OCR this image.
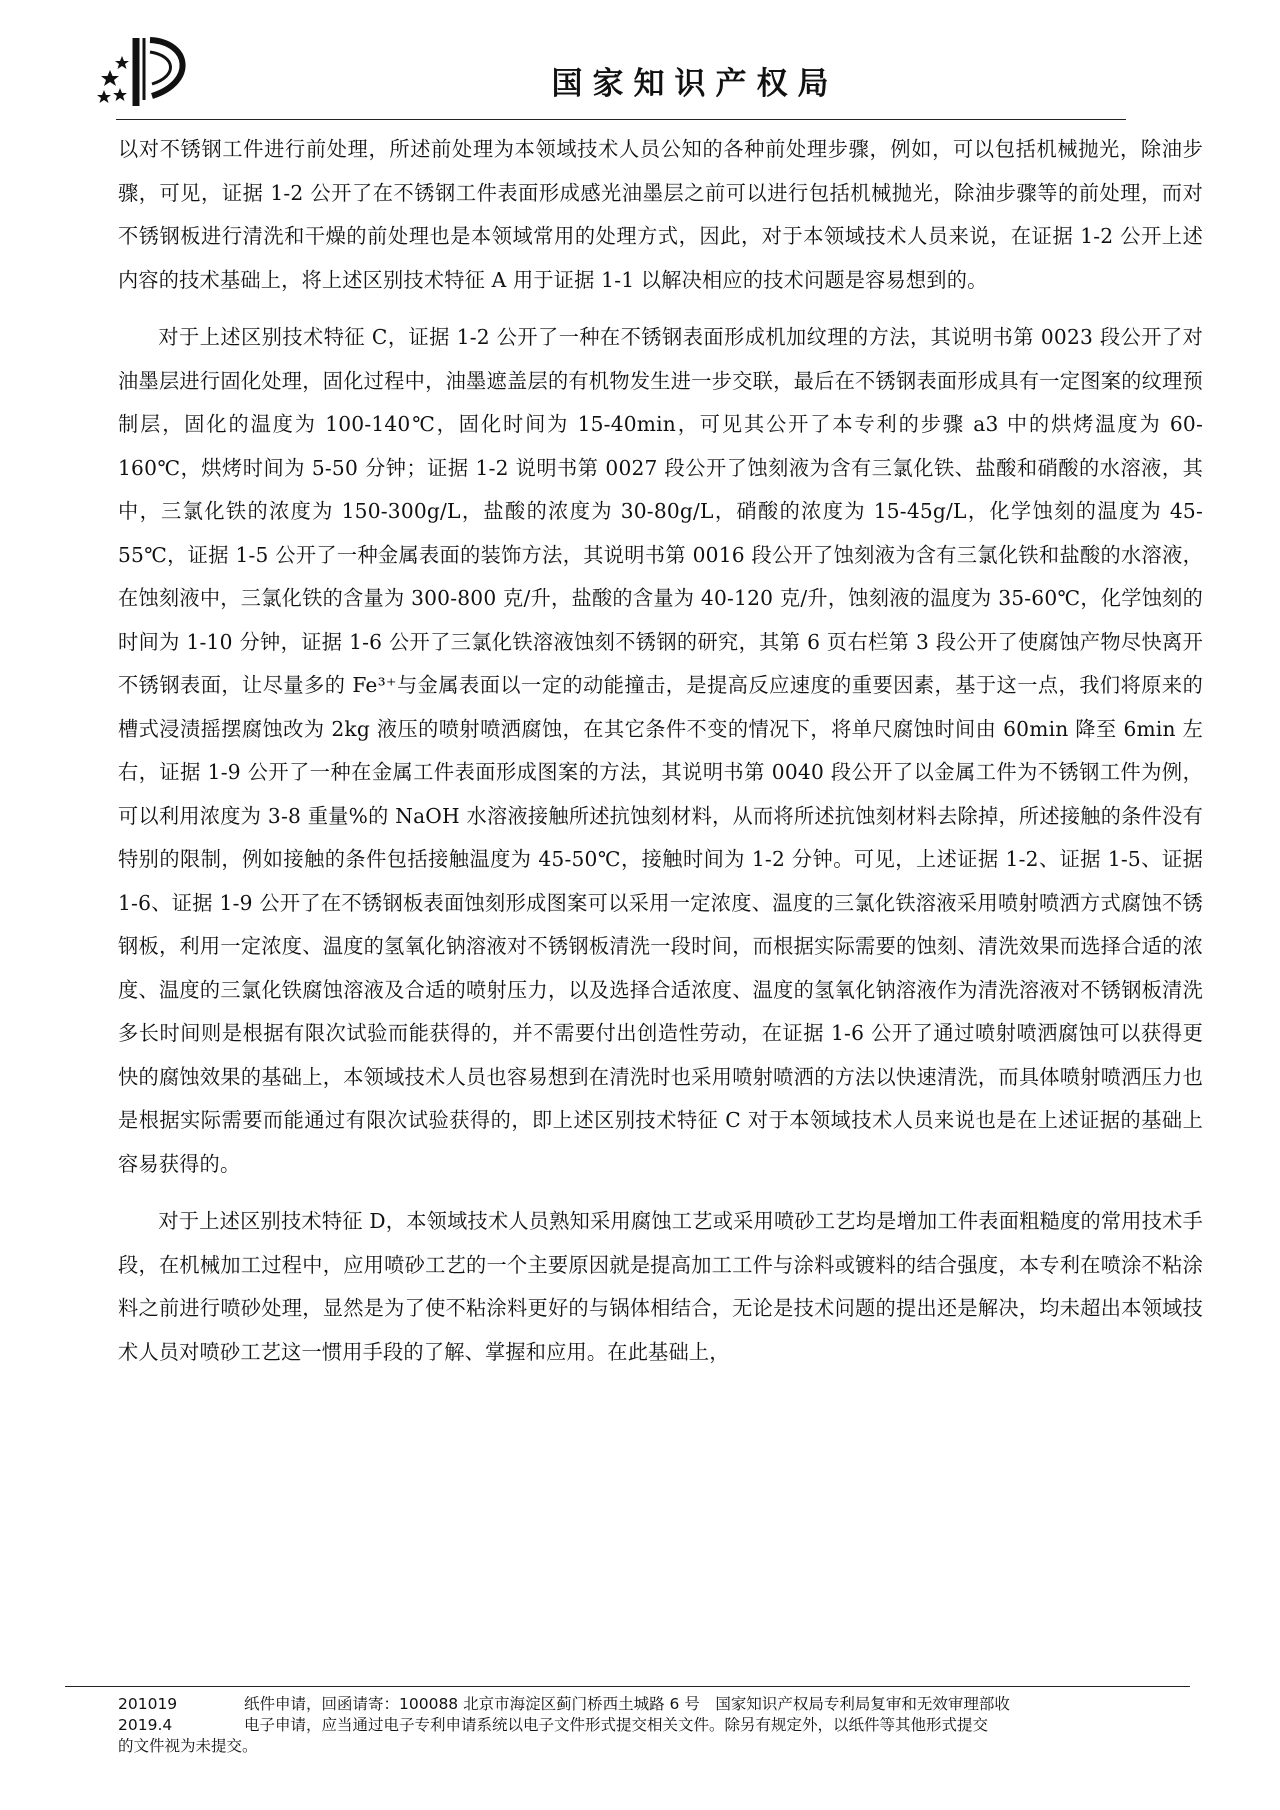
国家知识产权局

以对不锈钢工件进行前处理，所述前处理为本领域技术人员公知的各种前处理步骤，例如，可以包括机械抛光，除油步骤，可见，证据 1-2 公开了在不锈钢工件表面形成感光油墨层之前可以进行包括机械抛光，除油步骤等的前处理，而对不锈钢板进行清洗和干燥的前处理也是本领域常用的处理方式，因此，对于本领域技术人员来说，在证据 1-2 公开上述内容的技术基础上，将上述区别技术特征 A 用于证据 1-1 以解决相应的技术问题是容易想到的。

对于上述区别技术特征 C，证据 1-2 公开了一种在不锈钢表面形成机加纹理的方法，其说明书第 0023 段公开了对油墨层进行固化处理，固化过程中，油墨遮盖层的有机物发生进一步交联，最后在不锈钢表面形成具有一定图案的纹理预制层，固化的温度为 100-140℃，固化时间为 15-40min，可见其公开了本专利的步骤 a3 中的烘烤温度为 60-160℃，烘烤时间为 5-50 分钟；证据 1-2 说明书第 0027 段公开了蚀刻液为含有三氯化铁、盐酸和硝酸的水溶液，其中，三氯化铁的浓度为 150-300g/L，盐酸的浓度为 30-80g/L，硝酸的浓度为 15-45g/L，化学蚀刻的温度为 45-55℃，证据 1-5 公开了一种金属表面的装饰方法，其说明书第 0016 段公开了蚀刻液为含有三氯化铁和盐酸的水溶液，在蚀刻液中，三氯化铁的含量为 300-800 克/升，盐酸的含量为 40-120 克/升，蚀刻液的温度为 35-60℃，化学蚀刻的时间为 1-10 分钟，证据 1-6 公开了三氯化铁溶液蚀刻不锈钢的研究，其第 6 页右栏第 3 段公开了使腐蚀产物尽快离开不锈钢表面，让尽量多的 Fe³⁺与金属表面以一定的动能撞击，是提高反应速度的重要因素，基于这一点，我们将原来的槽式浸渍摇摆腐蚀改为 2kg 液压的喷射喷洒腐蚀，在其它条件不变的情况下，将单尺腐蚀时间由 60min 降至 6min 左右，证据 1-9 公开了一种在金属工件表面形成图案的方法，其说明书第 0040 段公开了以金属工件为不锈钢工件为例，可以利用浓度为 3-8 重量%的 NaOH 水溶液接触所述抗蚀刻材料，从而将所述抗蚀刻材料去除掉，所述接触的条件没有特别的限制，例如接触的条件包括接触温度为 45-50℃，接触时间为 1-2 分钟。可见，上述证据 1-2、证据 1-5、证据 1-6、证据 1-9 公开了在不锈钢板表面蚀刻形成图案可以采用一定浓度、温度的三氯化铁溶液采用喷射喷洒方式腐蚀不锈钢板，利用一定浓度、温度的氢氧化钠溶液对不锈钢板清洗一段时间，而根据实际需要的蚀刻、清洗效果而选择合适的浓度、温度的三氯化铁腐蚀溶液及合适的喷射压力，以及选择合适浓度、温度的氢氧化钠溶液作为清洗溶液对不锈钢板清洗多长时间则是根据有限次试验而能获得的，并不需要付出创造性劳动，在证据 1-6 公开了通过喷射喷洒腐蚀可以获得更快的腐蚀效果的基础上，本领域技术人员也容易想到在清洗时也采用喷射喷洒的方法以快速清洗，而具体喷射喷洒压力也是根据实际需要而能通过有限次试验获得的，即上述区别技术特征 C 对于本领域技术人员来说也是在上述证据的基础上容易获得的。

对于上述区别技术特征 D，本领域技术人员熟知采用腐蚀工艺或采用喷砂工艺均是增加工件表面粗糙度的常用技术手段，在机械加工过程中，应用喷砂工艺的一个主要原因就是提高加工工件与涂料或镀料的结合强度，本专利在喷涂不粘涂料之前进行喷砂处理，显然是为了使不粘涂料更好的与锅体相结合，无论是技术问题的提出还是解决，均未超出本领域技术人员对喷砂工艺这一惯用手段的了解、掌握和应用。在此基础上，

201019	纸件申请，回函请寄：100088 北京市海淀区蓟门桥西土城路 6 号　国家知识产权局专利局复审和无效审理部收
2019.4	电子申请，应当通过电子专利申请系统以电子文件形式提交相关文件。除另有规定外，以纸件等其他形式提交
的文件视为未提交。
